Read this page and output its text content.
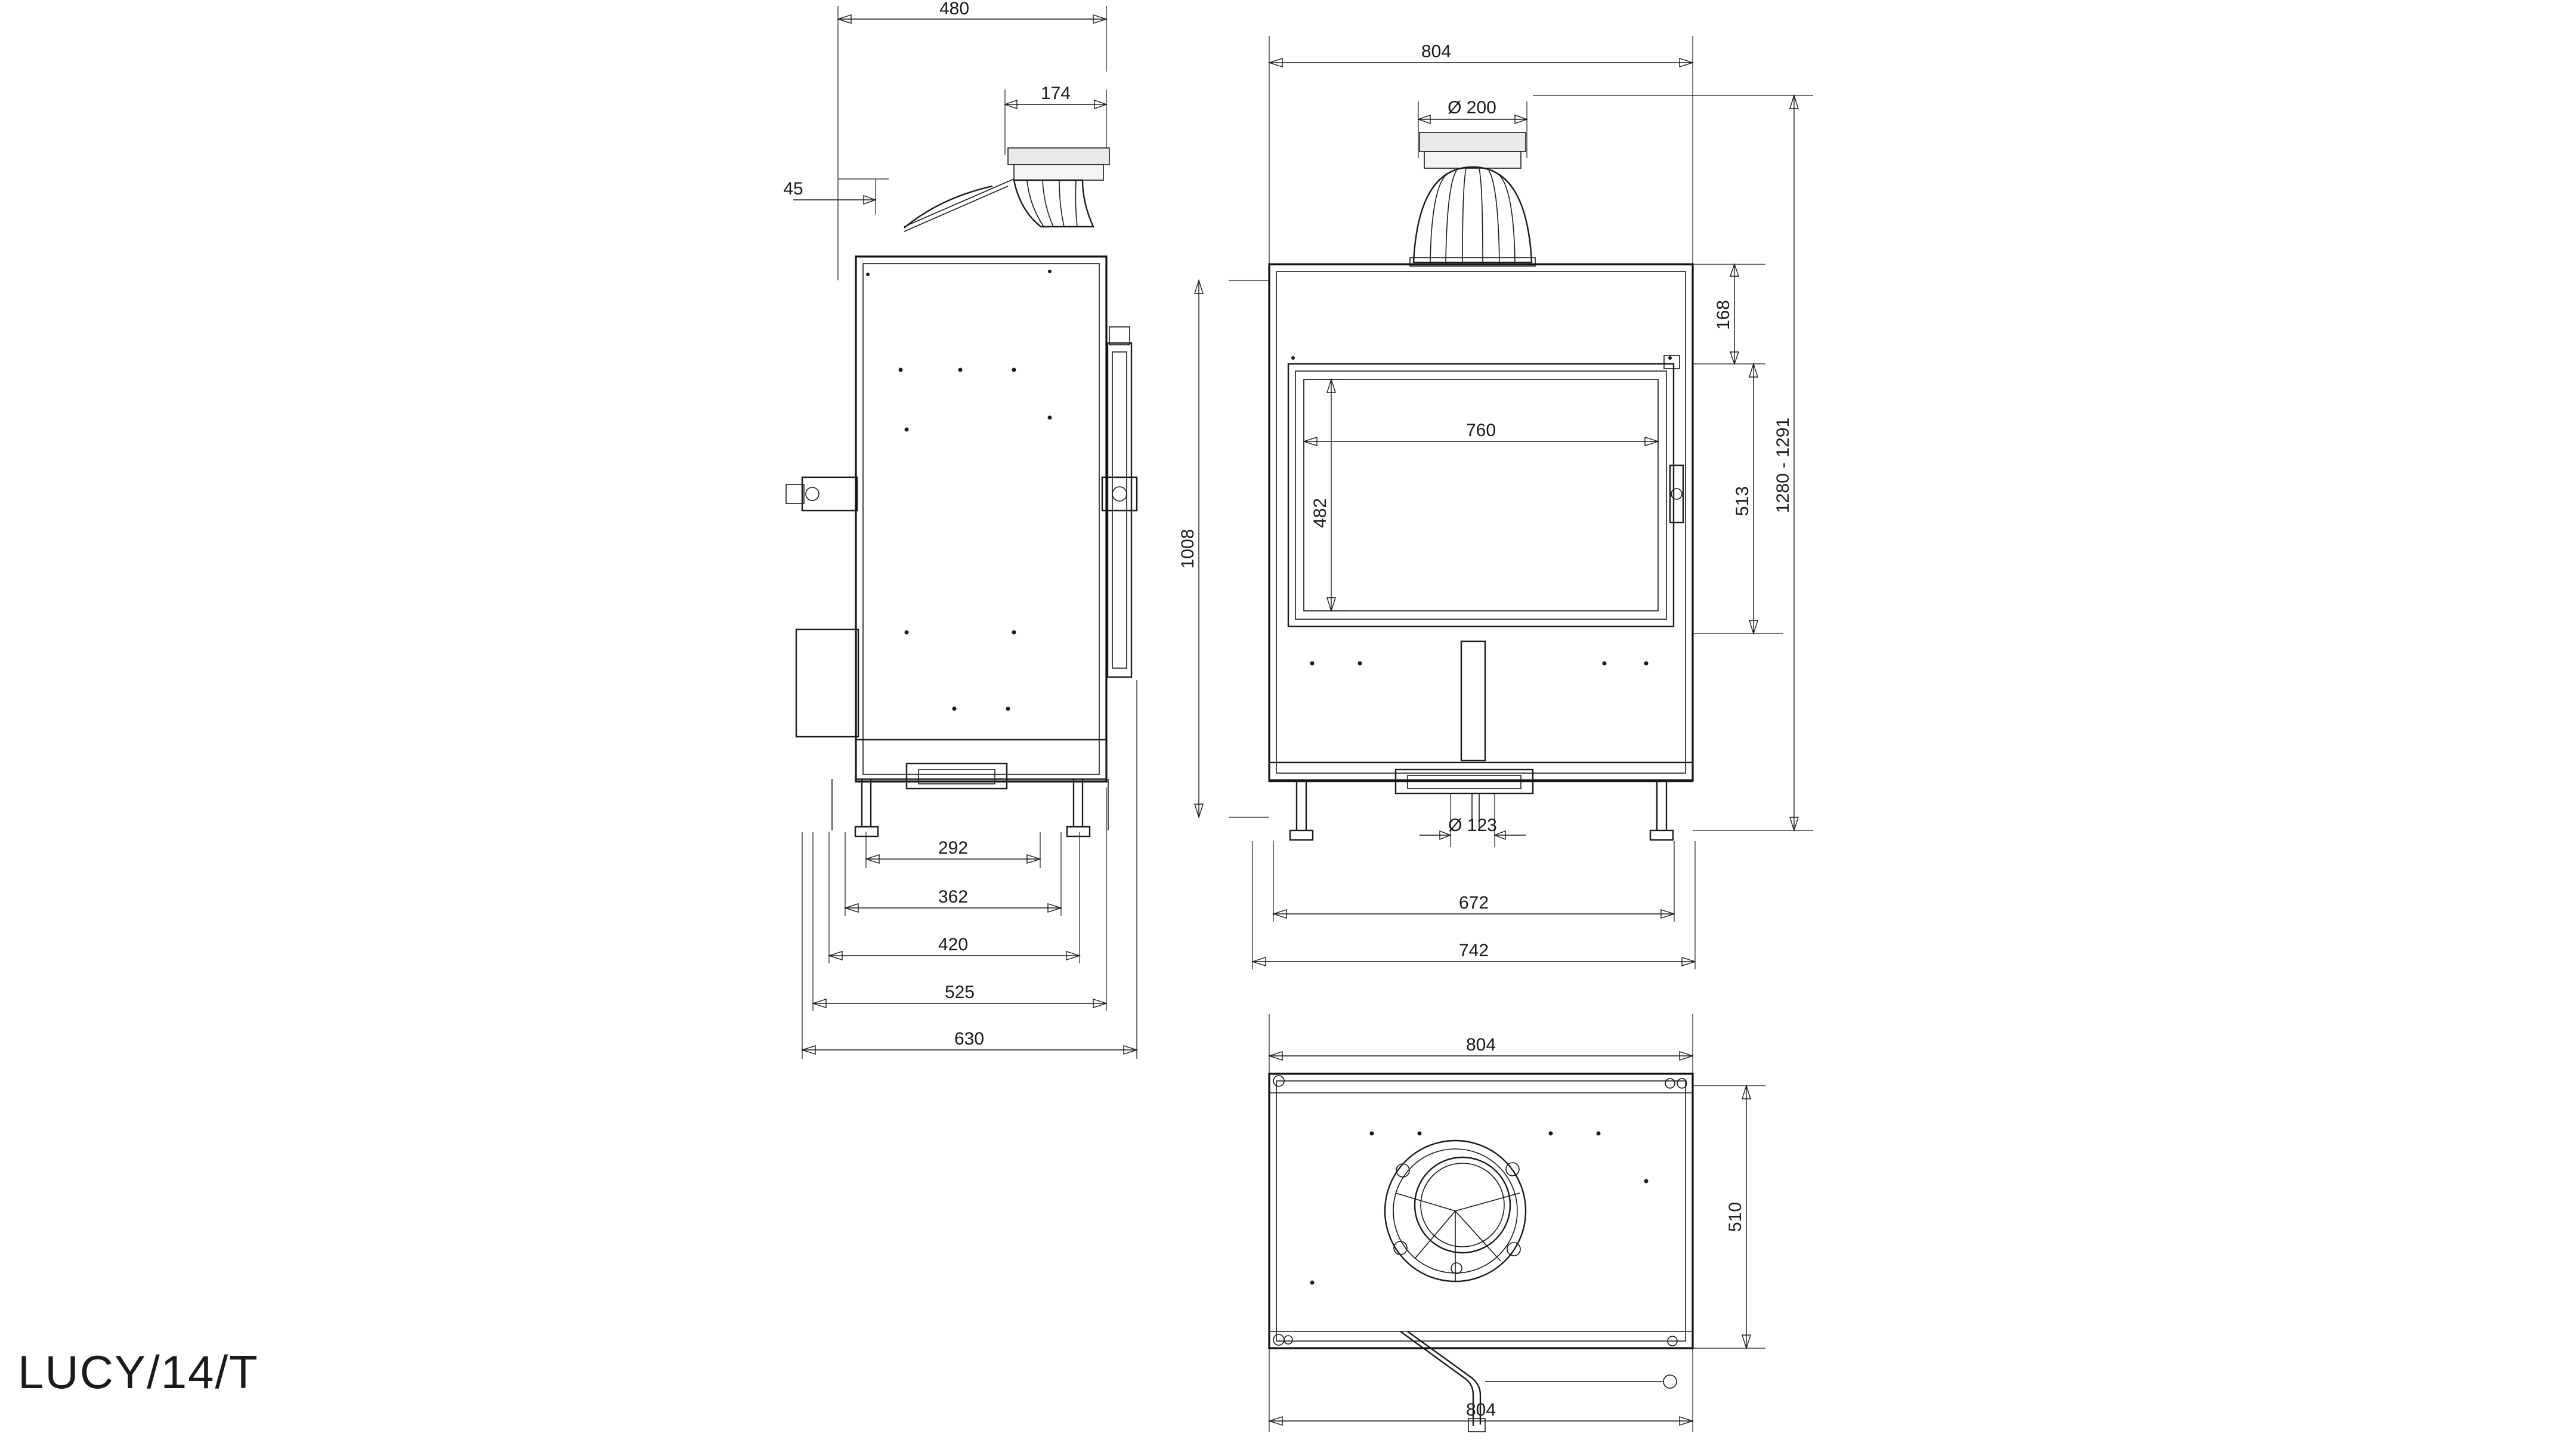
480
174
45
292
362
420
525
630
804
Ø 200
1008
760
482
168
513 1280 - 1291
Ø 123
672
742
804
510
804
LUCY/14/T
